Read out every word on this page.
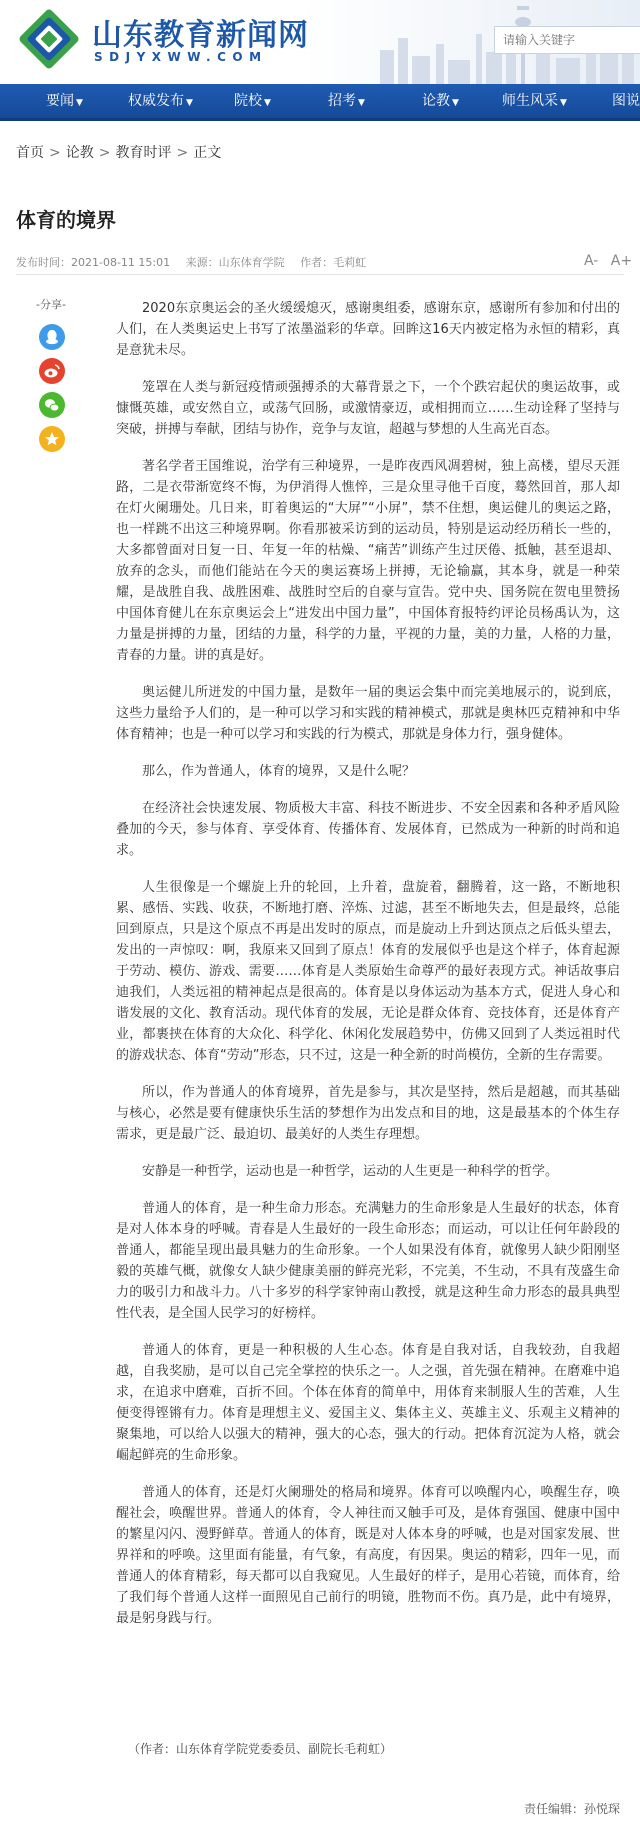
山东教育新闻网
SDJYXWW.COM
请输入关键字
要闻 ▼	权威发布 ▼	院校 ▼	招考 ▼	论教 ▼	师生风采 ▼	图说
首页 > 论教 > 教育时评 > 正文
体育的境界
发布时间：2021-08-11 15:01 来源：山东体育学院 作者：毛莉虹	A- A+
-分享-	2020东京奥运会的圣火缓缓熄灭，感谢奥组委，感谢东京，感谢所有参加和付出的人们，在人类奥运史上书写了浓墨溢彩的华章。回眸这16天内被定格为永恒的精彩，真是意犹未尽。

笼罩在人类与新冠疫情顽强搏杀的大幕背景之下，一个个跌宕起伏的奥运故事，或慷慨英雄，或安然自立，或荡气回肠，或激情豪迈，或相拥而立……生动诠释了坚持与突破，拼搏与奉献，团结与协作，竞争与友谊，超越与梦想的人生高光百态。

著名学者王国维说，治学有三种境界，一是昨夜西风凋碧树，独上高楼，望尽天涯路，二是衣带渐宽终不悔，为伊消得人憔悴，三是众里寻他千百度，蓦然回首，那人却在灯火阑珊处。几日来，盯着奥运的“大屏”“小屏”，禁不住想，奥运健儿的奥运之路，也一样跳不出这三种境界啊。你看那被采访到的运动员，特别是运动经历稍长一些的，大多都曾面对日复一日、年复一年的枯燥、“痛苦”训练产生过厌倦、抵触，甚至退却、放弃的念头，而他们能站在今天的奥运赛场上拼搏，无论输赢，其本身，就是一种荣耀，是战胜自我、战胜困难、战胜时空后的自豪与宣告。党中央、国务院在贺电里赞扬中国体育健儿在东京奥运会上“进发出中国力量”，中国体育报特约评论员杨禹认为，这力量是拼搏的力量，团结的力量，科学的力量，平视的力量，美的力量，人格的力量，青春的力量。讲的真是好。

奥运健儿所迸发的中国力量，是数年一届的奥运会集中而完美地展示的，说到底，这些力量给予人们的，是一种可以学习和实践的精神模式，那就是奥林匹克精神和中华体育精神；也是一种可以学习和实践的行为模式，那就是身体力行，强身健体。

那么，作为普通人，体育的境界，又是什么呢？

在经济社会快速发展、物质极大丰富、科技不断进步、不安全因素和各种矛盾风险叠加的今天，参与体育、享受体育、传播体育、发展体育，已然成为一种新的时尚和追求。

人生很像是一个螺旋上升的轮回，上升着，盘旋着，翻腾着，这一路，不断地积累、感悟、实践、收获，不断地打磨、淬炼、过滤，甚至不断地失去，但是最终，总能回到原点，只是这个原点不再是出发时的原点，而是旋动上升到达顶点之后低头望去，发出的一声惊叹：啊，我原来又回到了原点！体育的发展似乎也是这个样子，体育起源于劳动、模仿、游戏、需要……体育是人类原始生命尊严的最好表现方式。神话故事启迪我们，人类远祖的精神起点是很高的。体育是以身体运动为基本方式，促进人身心和谐发展的文化、教育活动。现代体育的发展，无论是群众体育、竞技体育，还是体育产业，都裹挟在体育的大众化、科学化、休闲化发展趋势中，仿佛又回到了人类远祖时代的游戏状态、体育“劳动”形态，只不过，这是一种全新的时尚模仿，全新的生存需要。

所以，作为普通人的体育境界，首先是参与，其次是坚持，然后是超越，而其基础与核心，必然是要有健康快乐生活的梦想作为出发点和目的地，这是最基本的个体生存需求，更是最广泛、最迫切、最美好的人类生存理想。

安静是一种哲学，运动也是一种哲学，运动的人生更是一种科学的哲学。

普通人的体育，是一种生命力形态。充满魅力的生命形象是人生最好的状态，体育是对人体本身的呼喊。青春是人生最好的一段生命形态；而运动，可以让任何年龄段的普通人，都能呈现出最具魅力的生命形象。一个人如果没有体育，就像男人缺少阳刚坚毅的英雄气概，就像女人缺少健康美丽的鲜亮光彩，不完美，不生动，不具有茂盛生命力的吸引力和战斗力。八十多岁的科学家钟南山教授，就是这种生命力形态的最具典型性代表，是全国人民学习的好榜样。

普通人的体育，更是一种积极的人生心态。体育是自我对话，自我较劲，自我超越，自我奖励，是可以自己完全掌控的快乐之一。人之强，首先强在精神。在磨难中追求，在追求中磨难，百折不回。个体在体育的简单中，用体育来制服人生的苦难，人生便变得铿锵有力。体育是理想主义、爱国主义、集体主义、英雄主义、乐观主义精神的聚集地，可以给人以强大的精神，强大的心态，强大的行动。把体育沉淀为人格，就会崛起鲜亮的生命形象。

普通人的体育，还是灯火阑珊处的格局和境界。体育可以唤醒内心，唤醒生存，唤醒社会，唤醒世界。普通人的体育，令人神往而又触手可及，是体育强国、健康中国中的繁星闪闪、漫野鲜草。普通人的体育，既是对人体本身的呼喊，也是对国家发展、世界祥和的呼唤。这里面有能量，有气象，有高度，有因果。奥运的精彩，四年一见，而普通人的体育精彩，每天都可以自我窥见。人生最好的样子，是用心若镜，而体育，给了我们每个普通人这样一面照见自己前行的明镜，胜物而不伤。真乃是，此中有境界，最是躬身践与行。

（作者：山东体育学院党委委员、副院长毛莉虹）
责任编辑：孙悦琛
